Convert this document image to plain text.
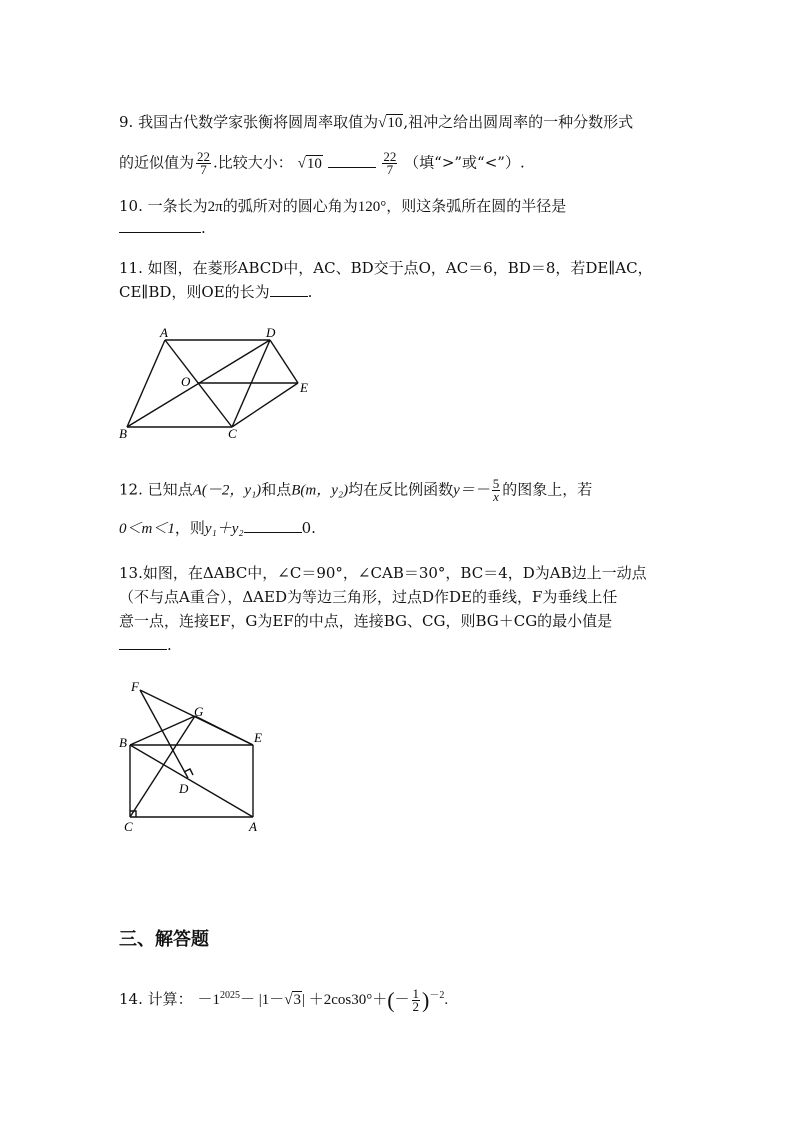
9. 我国古代数学家张衡将圆周率取值为√10,祖冲之给出圆周率的一种分数形式
的近似值为 $\frac{22}{7}$ .比较大小： √10	$\frac{22}{7}$ （填“>”或“<”）.
10. 一条长为2π的弧所对的圆心角为120°，则这条弧所在圆的半径是
.
11. 如图，在菱形ABCD中，AC、BD交于点O，AC＝6，BD＝8，若DE∥AC，
CE∥BD，则OE的长为	.
A	D
O	E
B	C
12. 已知点A(－2，y₁)和点B(m，y₂)均在反比例函数$y=- \frac{5}{x}$ 的图象上，若
0＜m＜1，则y₁＋y₂	0.
13.如图，在ΔABC中，∠C＝90°，∠CAB＝30°，BC＝4，D为AB边上一动点
（不与点A重合），ΔAED为等边三角形，过点D作DE的垂线，F为垂线上任
意一点，连接EF，G为EF的中点，连接BG、CG，则BG＋CG的最小值是
.
F
G
B	E
D
C	A
三、解答题
14. 计算： $-1^{2025}- |1-√3| +2\cos 30^\circ+(- \frac{1}{2} )^{-2}$.
